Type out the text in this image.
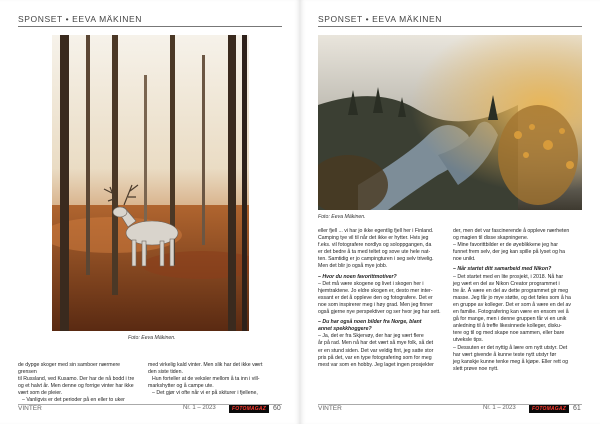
SPONSET • EEVA MÄKINEN
Foto: Eeva Mäkinen.

de dypge skoger med sin samboer nærmere grensen

til Russland, ved Kusamo. Der har de nå bodd i tre

og et halvt år. Men denne og forrige vinter har ikke

vært som de pleier.

– Vanligvis er det perioder på en eller to uker

med virkelig kald vinter. Men slik har det ikke vært

den siste tiden.

Hun forteller at de veksler mellom å ta inn i vill-

markshytter og å campe ute.

– Det gjør vi ofte når vi er på skiturer i fjellene,

VINTER	Nr. 1 – 2023	FOTOMAGAZ 60
SPONSET • EEVA MÄKINEN
Foto: Eeva Mäkinen.

eller fjell ... vi har jo ikke egentlig fjell her i Finland.

Camping tye vil til når det ikke er hytter. Hvis jeg

f.eks. vil fotografere nordlys og soloppgangen, da

er det bedre å ta med teltet og sove ute hele nat-

ten. Samtidig er jo campingturen i seg selv trivelig.

Men det blir jo også mye jobb.

– Hvor du noen favorittmotiver?

– Det må være skogene og livet i skogen her i

hjemtraktene. Jo eldre skogen er, desto mer inter-

essant er det å oppleve den og fotografere. Det er

noe som inspirerer meg i høy grad. Men jeg finner

også gjerne nye perspektiver og ser hvor jeg har sett.

– Du har også noen bilder fra Norge, blant

annet spekkhoggere?

– Ja, det er fra Skjervøy, der har jeg vært flere

år på rad. Men nå har det vært så mye folk, så det

er en stund siden. Det var veldig fint, jeg satte stor

pris på det, var en type fotografering som for meg

mest var som en hobby. Jeg laget ingen prosjekter

der, men det var fascinerende å oppleve nærheten

og magien til disse skapningene.

– Mine favorittbilder er de øyeblikkene jeg har

funnet frem selv, der jeg kan spille på lyset og ha

noe unikt.

– Når startet ditt samarbeid med Nikon?

– Det startet med en lite prosjekt, i 2018. Nå har

jeg vært en del av Nikon Creator programmet i

tre år. Å være en del av dette programmet gir meg

masse. Jeg får jo mye støtte, og det føles som å ha

en gruppe av kolleger. Det er som å være en del av

en familie. Fotografering kan være en ensom vei å

gå for mange, men i denne gruppen får vi en unik

anledning til å treffe likesinnede kolleger, disku-

tere og til og med skape noe sammen, eller bare

utveksle tips.

– Dessuten er det nyttig å lære om nytt utstyr. Det

har vært givende å kunne teste nytt utstyr før

jeg kanskje kunne tenke meg å kjøpe. Eller rett og

slett prøve noe nytt.

VINTER	Nr. 1 – 2023	FOTOMAGAZ 61
